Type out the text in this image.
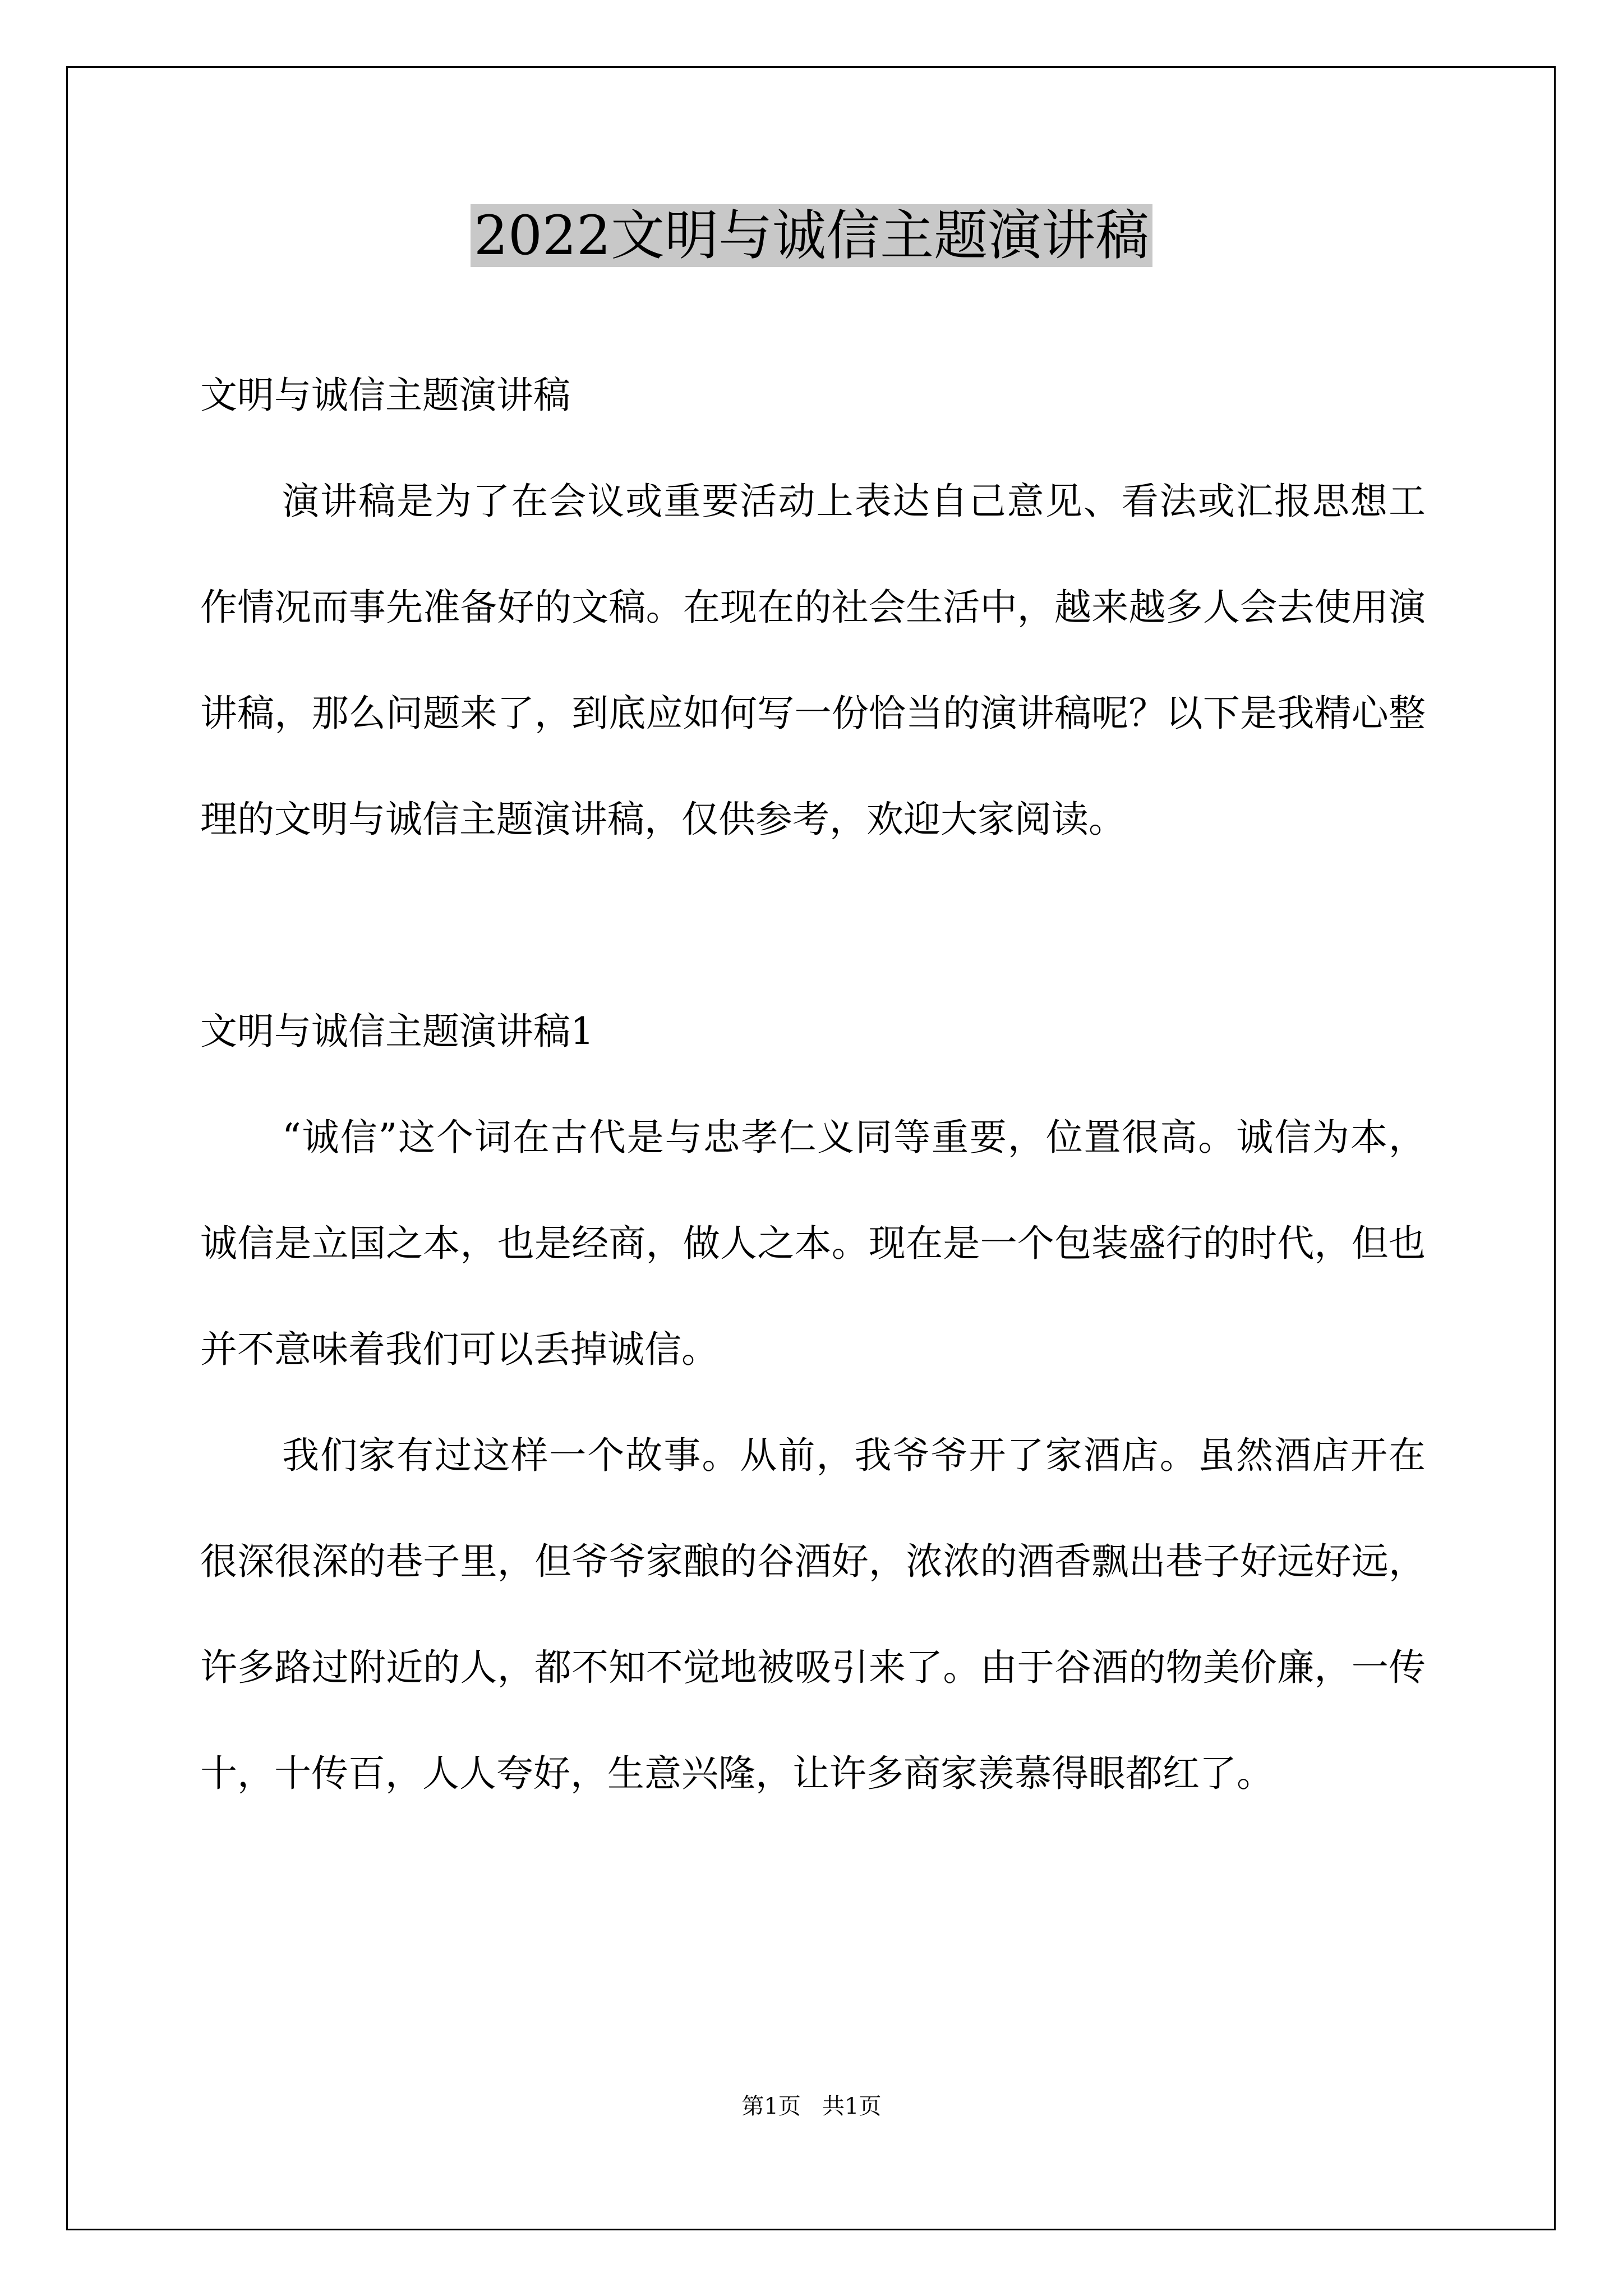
2022文明与诚信主题演讲稿

文明与诚信主题演讲稿

演讲稿是为了在会议或重要活动上表达自己意见、看法或汇报思想工作情况而事先准备好的文稿。在现在的社会生活中，越来越多人会去使用演讲稿，那么问题来了，到底应如何写一份恰当的演讲稿呢？以下是我精心整理的文明与诚信主题演讲稿，仅供参考，欢迎大家阅读。

文明与诚信主题演讲稿1

“诚信”这个词在古代是与忠孝仁义同等重要，位置很高。诚信为本，诚信是立国之本，也是经商，做人之本。现在是一个包装盛行的时代，但也并不意味着我们可以丢掉诚信。

我们家有过这样一个故事。从前，我爷爷开了家酒店。虽然酒店开在很深很深的巷子里，但爷爷家酿的谷酒好，浓浓的酒香飘出巷子好远好远，许多路过附近的人，都不知不觉地被吸引来了。由于谷酒的物美价廉，一传十，十传百，人人夸好，生意兴隆，让许多商家羡慕得眼都红了。

第1页   共1页
